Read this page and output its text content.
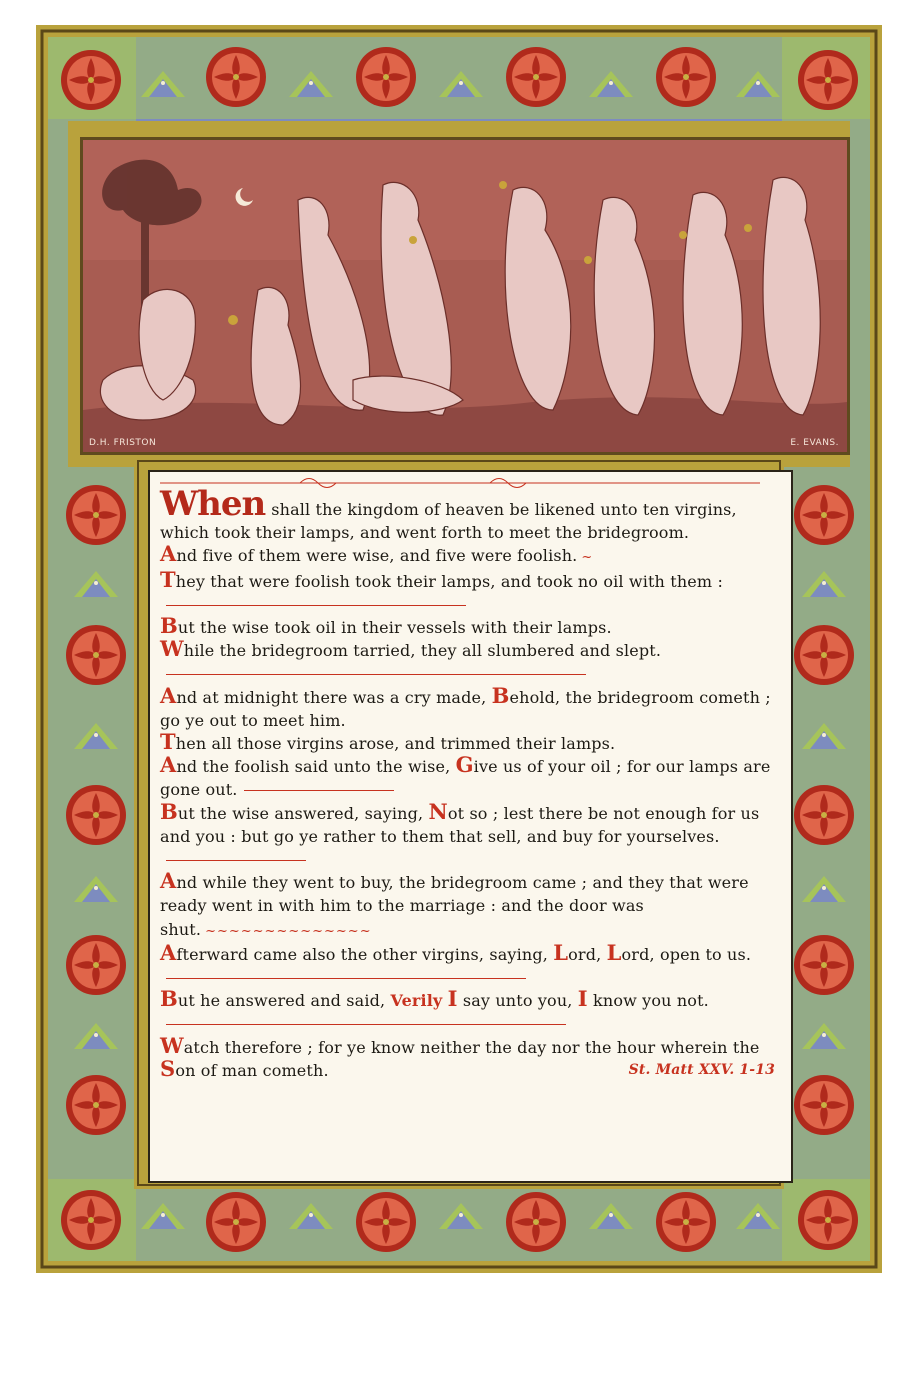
D.H. FRISTON	E. EVANS.

When shall the kingdom of heaven be likened unto ten virgins, which took their lamps, and went forth to meet the bridegroom.

And five of them were wise, and five were foolish. ~

They that were foolish took their lamps, and took no oil with them :

But the wise took oil in their vessels with their lamps.

While the bridegroom tarried, they all slumbered and slept.

And at midnight there was a cry made, Behold, the bridegroom cometh ; go ye out to meet him.

Then all those virgins arose, and trimmed their lamps.

And the foolish said unto the wise, Give us of your oil ; for our lamps are gone out.

But the wise answered, saying, Not so ; lest there be not enough for us and you : but go ye rather to them that sell, and buy for yourselves.

And while they went to buy, the bridegroom came ; and they that were ready went in with him to the marriage : and the door was shut. ~~~~~~~~~~~~~~

Afterward came also the other virgins, saying, Lord, Lord, open to us.

But he answered and said, Verily I say unto you, I know you not.

Watch therefore ; for ye know neither the day nor the hour wherein the Son of man cometh.	St. Matt XXV. 1-13
